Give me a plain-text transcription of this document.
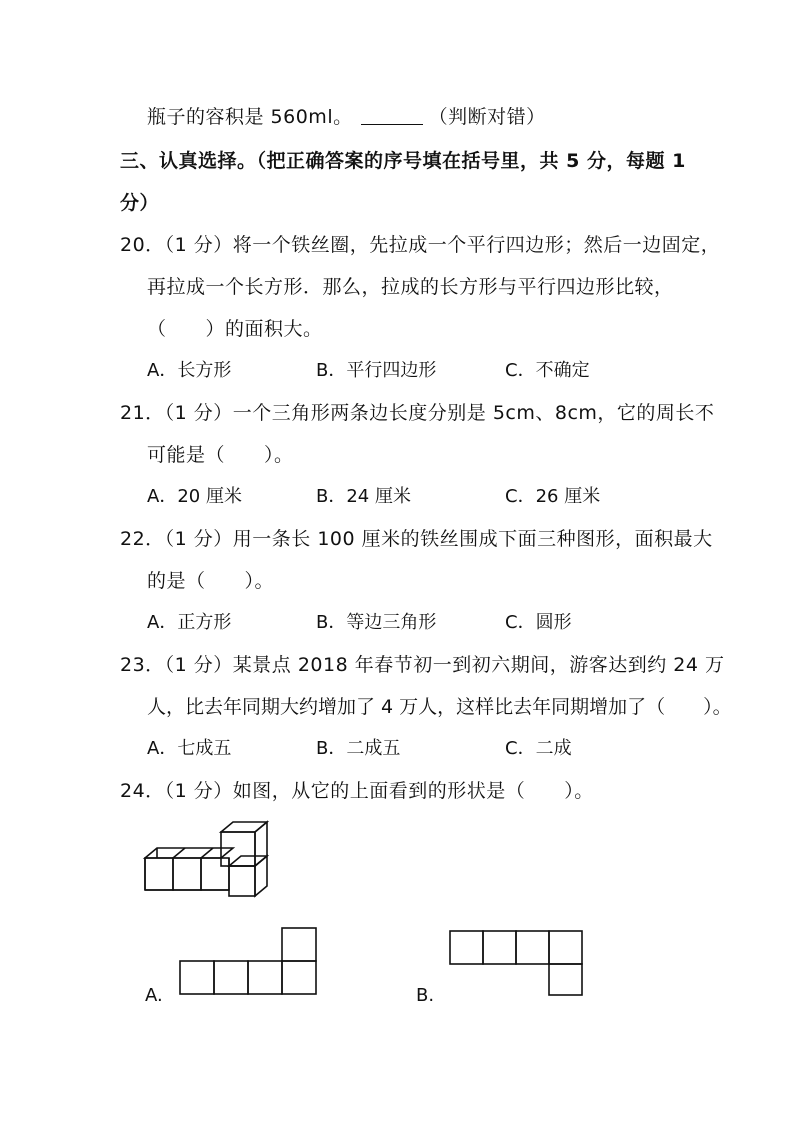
瓶子的容积是 560ml。	（判断对错）
三、认真选择。（把正确答案的序号填在括号里，共 5 分，每题 1
分）
20．（1 分）将一个铁丝圈，先拉成一个平行四边形；然后一边固定，
再拉成一个长方形．那么，拉成的长方形与平行四边形比较，
（　　）的面积大。
A．长方形	B．平行四边形	C．不确定
21．（1 分）一个三角形两条边长度分别是 5cm、8cm，它的周长不
可能是（　　）。
A．20 厘米	B．24 厘米	C．26 厘米
22．（1 分）用一条长 100 厘米的铁丝围成下面三种图形，面积最大
的是（　　）。
A．正方形	B．等边三角形	C．圆形
23．（1 分）某景点 2018 年春节初一到初六期间，游客达到约 24 万
人，比去年同期大约增加了 4 万人，这样比去年同期增加了（　　）。
A．七成五	B．二成五	C．二成
24．（1 分）如图，从它的上面看到的形状是（　　）。
A.	B.
